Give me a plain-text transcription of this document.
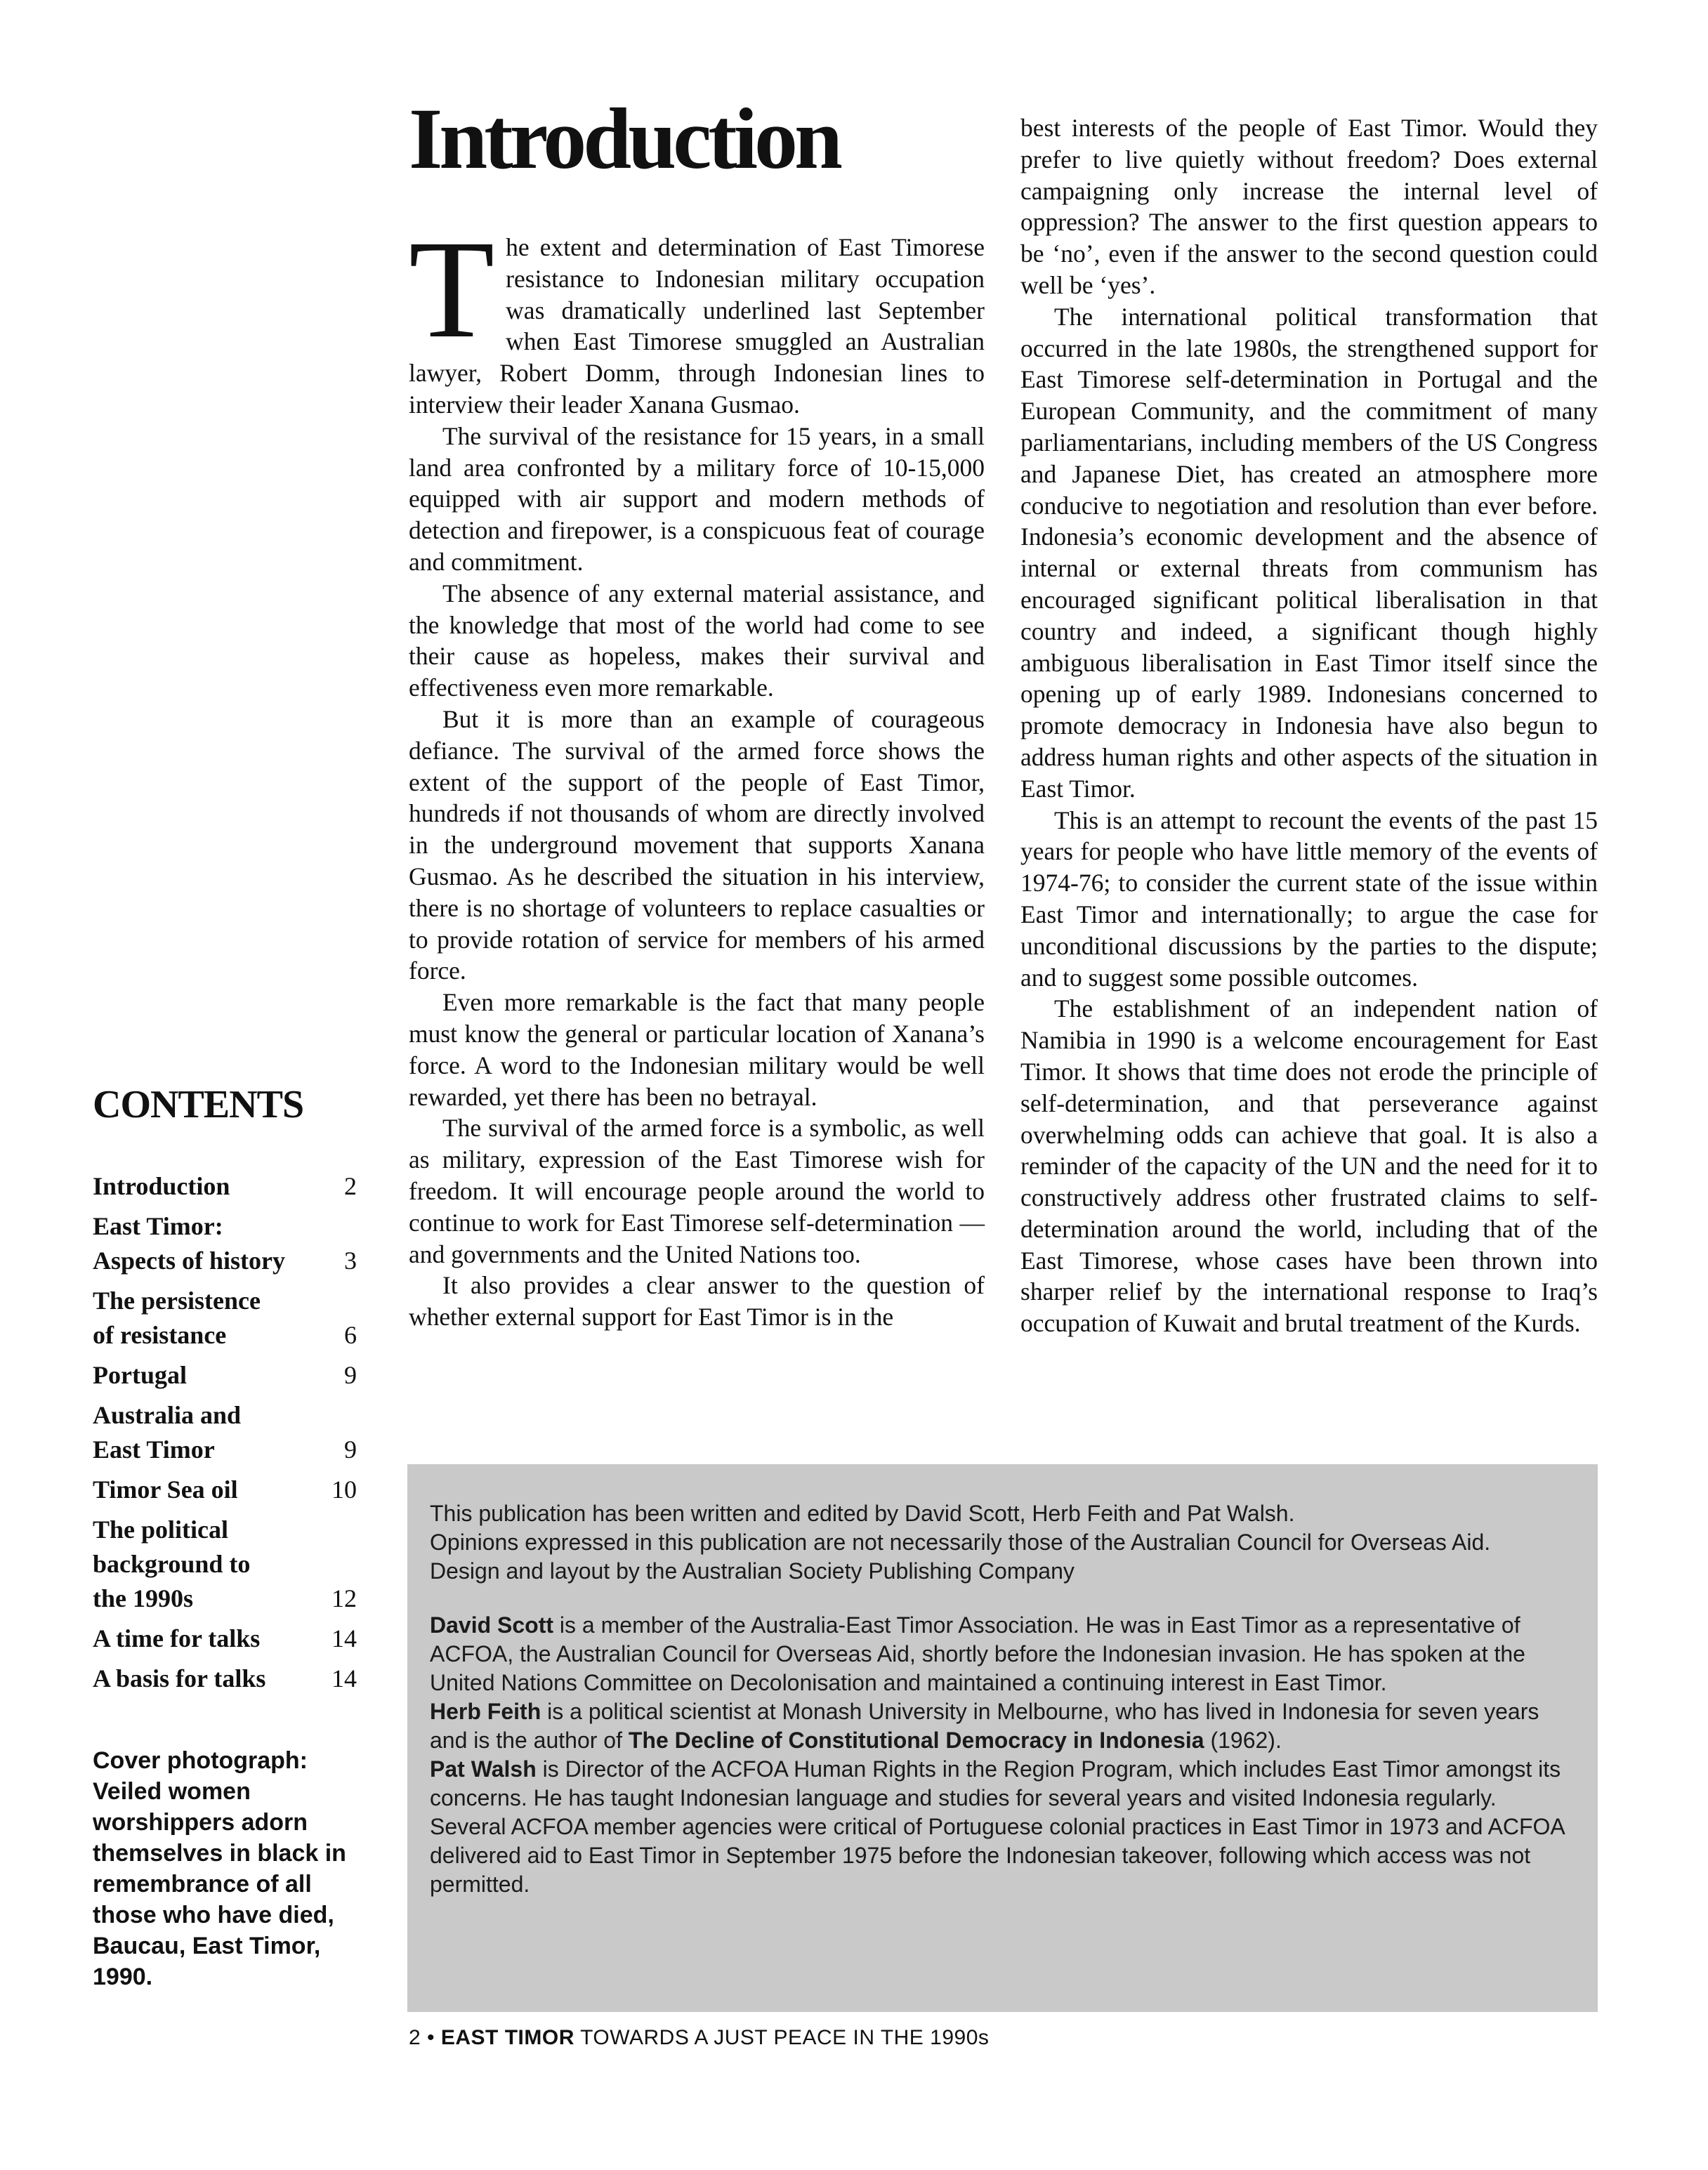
CONTENTS
Introduction	2
East Timor:
Aspects of history 3
The persistence
of resistance	6
Portugal	9
Australia and
East Timor	9
Timor Sea oil	10
The political
background to
the 1990s	12
A time for talks	14
A basis for talks	14
Cover photograph:
Veiled women
worshippers adorn
themselves in black in
remembrance of all
those who have died,
Baucau, East Timor,
1990.
Introduction

The extent and determination of East Timorese resistance to Indonesian military occupation was dramatically underlined last September when East Timorese smuggled an Australian lawyer, Robert Domm, through Indonesian lines to interview their leader Xanana Gusmao.

The survival of the resistance for 15 years, in a small land area confronted by a military force of 10-15,000 equipped with air support and modern methods of detection and firepower, is a conspicuous feat of courage and commitment.

The absence of any external material assistance, and the knowledge that most of the world had come to see their cause as hopeless, makes their survival and effectiveness even more remarkable.

But it is more than an example of courageous defiance. The survival of the armed force shows the extent of the support of the people of East Timor, hundreds if not thousands of whom are directly involved in the underground movement that supports Xanana Gusmao. As he described the situation in his interview, there is no shortage of volunteers to replace casualties or to provide rotation of service for members of his armed force.

Even more remarkable is the fact that many people must know the general or particular location of Xanana’s force. A word to the Indonesian military would be well rewarded, yet there has been no betrayal.

The survival of the armed force is a symbolic, as well as military, expression of the East Timorese wish for freedom. It will encourage people around the world to continue to work for East Timorese self-determination — and governments and the United Nations too.

It also provides a clear answer to the question of whether external support for East Timor is in the

best interests of the people of East Timor. Would they prefer to live quietly without freedom? Does external campaigning only increase the internal level of oppression? The answer to the first question appears to be ‘no’, even if the answer to the second question could well be ‘yes’.

The international political transformation that occurred in the late 1980s, the strengthened support for East Timorese self-determination in Portugal and the European Community, and the commitment of many parliamentarians, including members of the US Congress and Japanese Diet, has created an atmosphere more conducive to negotiation and resolution than ever before. Indonesia’s economic development and the absence of internal or external threats from communism has encouraged significant political liberalisation in that country and indeed, a significant though highly ambiguous liberalisation in East Timor itself since the opening up of early 1989. Indonesians concerned to promote democracy in Indonesia have also begun to address human rights and other aspects of the situation in East Timor.

This is an attempt to recount the events of the past 15 years for people who have little memory of the events of 1974-76; to consider the current state of the issue within East Timor and internationally; to argue the case for unconditional discussions by the parties to the dispute; and to suggest some possible outcomes.

The establishment of an independent nation of Namibia in 1990 is a welcome encouragement for East Timor. It shows that time does not erode the principle of self-determination, and that perseverance against overwhelming odds can achieve that goal. It is also a reminder of the capacity of the UN and the need for it to constructively address other frustrated claims to self-determination around the world, including that of the East Timorese, whose cases have been thrown into sharper relief by the international response to Iraq’s occupation of Kuwait and brutal treatment of the Kurds.

This publication has been written and edited by David Scott, Herb Feith and Pat Walsh.

Opinions expressed in this publication are not necessarily those of the Australian Council for Overseas Aid.

Design and layout by the Australian Society Publishing Company

David Scott is a member of the Australia-East Timor Association. He was in East Timor as a representative of ACFOA, the Australian Council for Overseas Aid, shortly before the Indonesian invasion. He has spoken at the United Nations Committee on Decolonisation and maintained a continuing interest in East Timor.

Herb Feith is a political scientist at Monash University in Melbourne, who has lived in Indonesia for seven years and is the author of The Decline of Constitutional Democracy in Indonesia (1962).

Pat Walsh is Director of the ACFOA Human Rights in the Region Program, which includes East Timor amongst its concerns. He has taught Indonesian language and studies for several years and visited Indonesia regularly. Several ACFOA member agencies were critical of Portuguese colonial practices in East Timor in 1973 and ACFOA delivered aid to East Timor in September 1975 before the Indonesian takeover, following which access was not permitted.

2 • EAST TIMOR TOWARDS A JUST PEACE IN THE 1990s
